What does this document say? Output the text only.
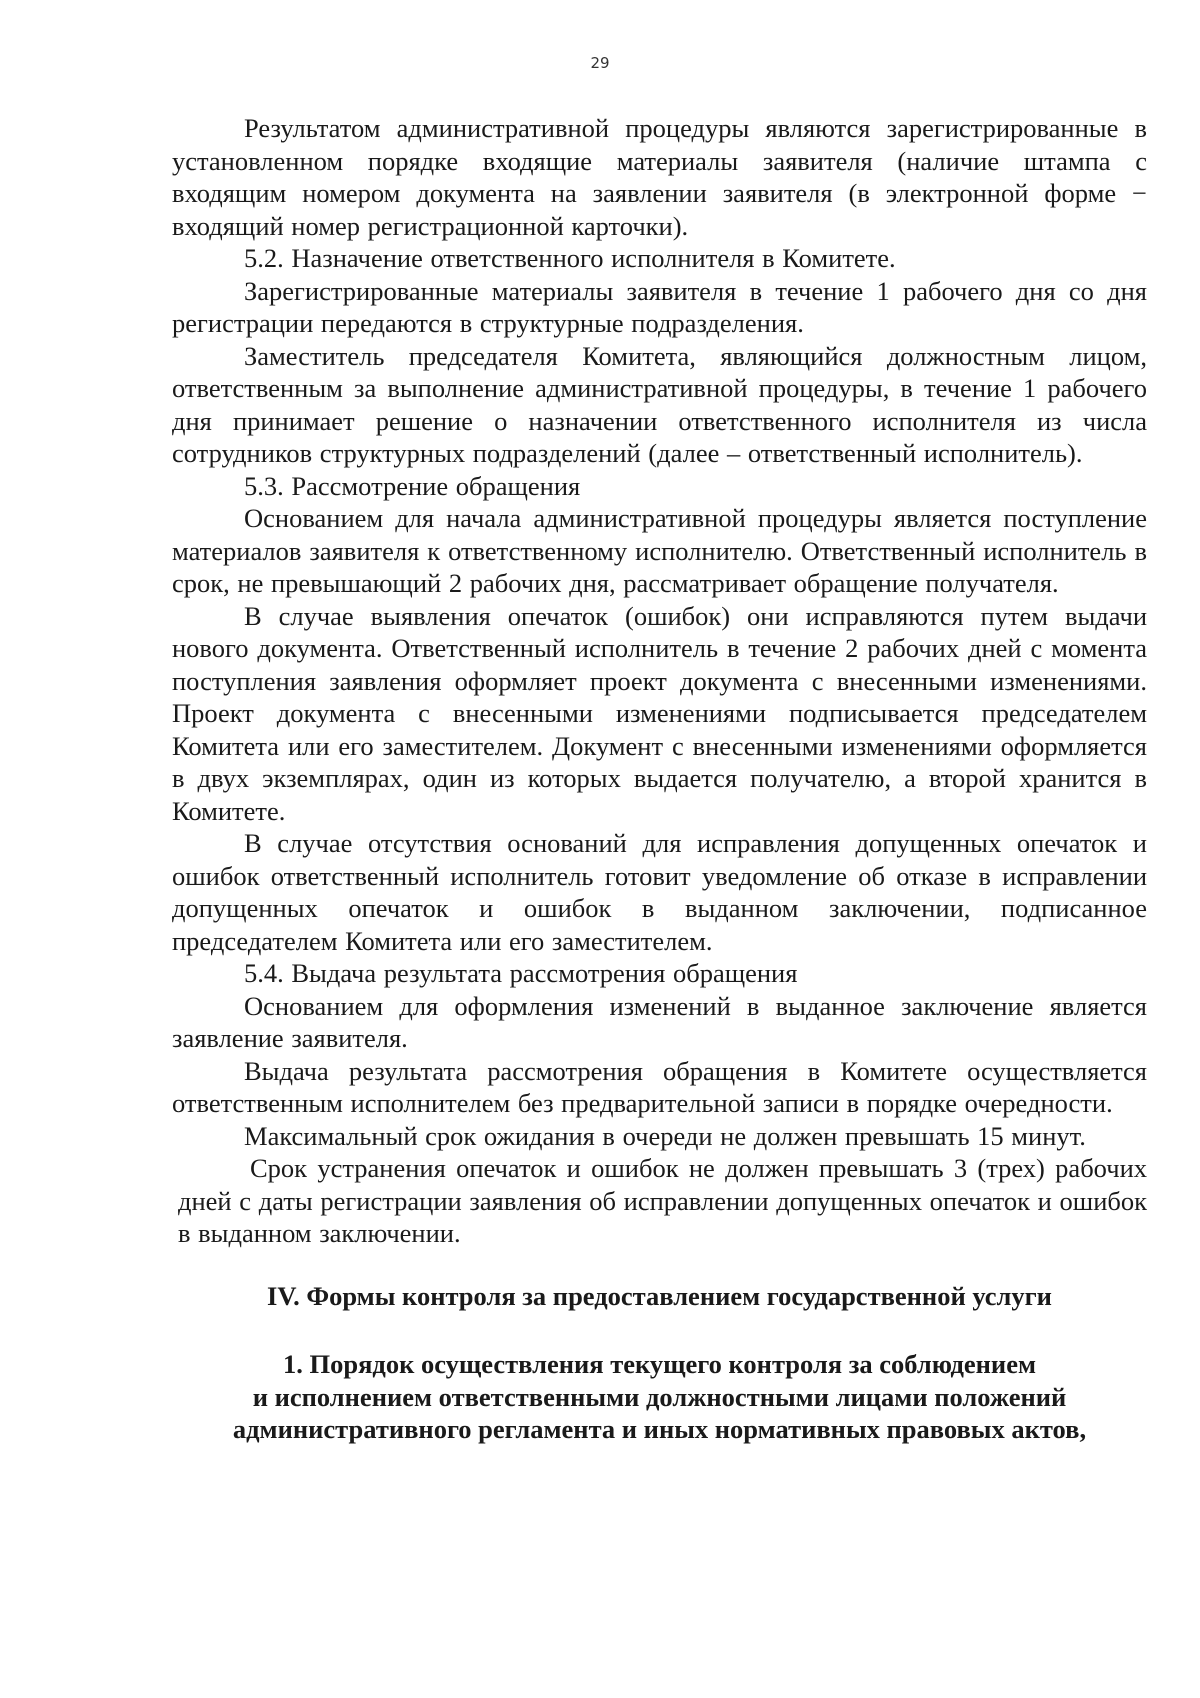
29

Результатом административной процедуры являются зарегистрированные в установленном порядке входящие материалы заявителя (наличие штампа с входящим номером документа на заявлении заявителя (в электронной форме − входящий номер регистрационной карточки).

5.2. Назначение ответственного исполнителя в Комитете.

Зарегистрированные материалы заявителя в течение 1 рабочего дня со дня регистрации передаются в структурные подразделения.

Заместитель председателя Комитета, являющийся должностным лицом, ответственным за выполнение административной процедуры, в течение 1 рабочего дня принимает решение о назначении ответственного исполнителя из числа сотрудников структурных подразделений (далее – ответственный исполнитель).

5.3. Рассмотрение обращения

Основанием для начала административной процедуры является поступление материалов заявителя к ответственному исполнителю. Ответственный исполнитель в срок, не превышающий 2 рабочих дня, рассматривает обращение получателя.

В случае выявления опечаток (ошибок) они исправляются путем выдачи нового документа. Ответственный исполнитель в течение 2 рабочих дней с момента поступления заявления оформляет проект документа с внесенными изменениями. Проект документа с внесенными изменениями подписывается председателем Комитета или его заместителем. Документ с внесенными изменениями оформляется в двух экземплярах, один из которых выдается получателю, а второй хранится в Комитете.

В случае отсутствия оснований для исправления допущенных опечаток и ошибок ответственный исполнитель готовит уведомление об отказе в исправлении допущенных опечаток и ошибок в выданном заключении, подписанное председателем Комитета или его заместителем.

5.4. Выдача результата рассмотрения обращения

Основанием для оформления изменений в выданное заключение является заявление заявителя.

Выдача результата рассмотрения обращения в Комитете осуществляется ответственным исполнителем без предварительной записи в порядке очередности.

Максимальный срок ожидания в очереди не должен превышать 15 минут.

Срок устранения опечаток и ошибок не должен превышать 3 (трех) рабочих дней с даты регистрации заявления об исправлении допущенных опечаток и ошибок в выданном заключении.

IV. Формы контроля за предоставлением государственной услуги
1. Порядок осуществления текущего контроля за соблюдением
и исполнением ответственными должностными лицами положений
административного регламента и иных нормативных правовых актов,
